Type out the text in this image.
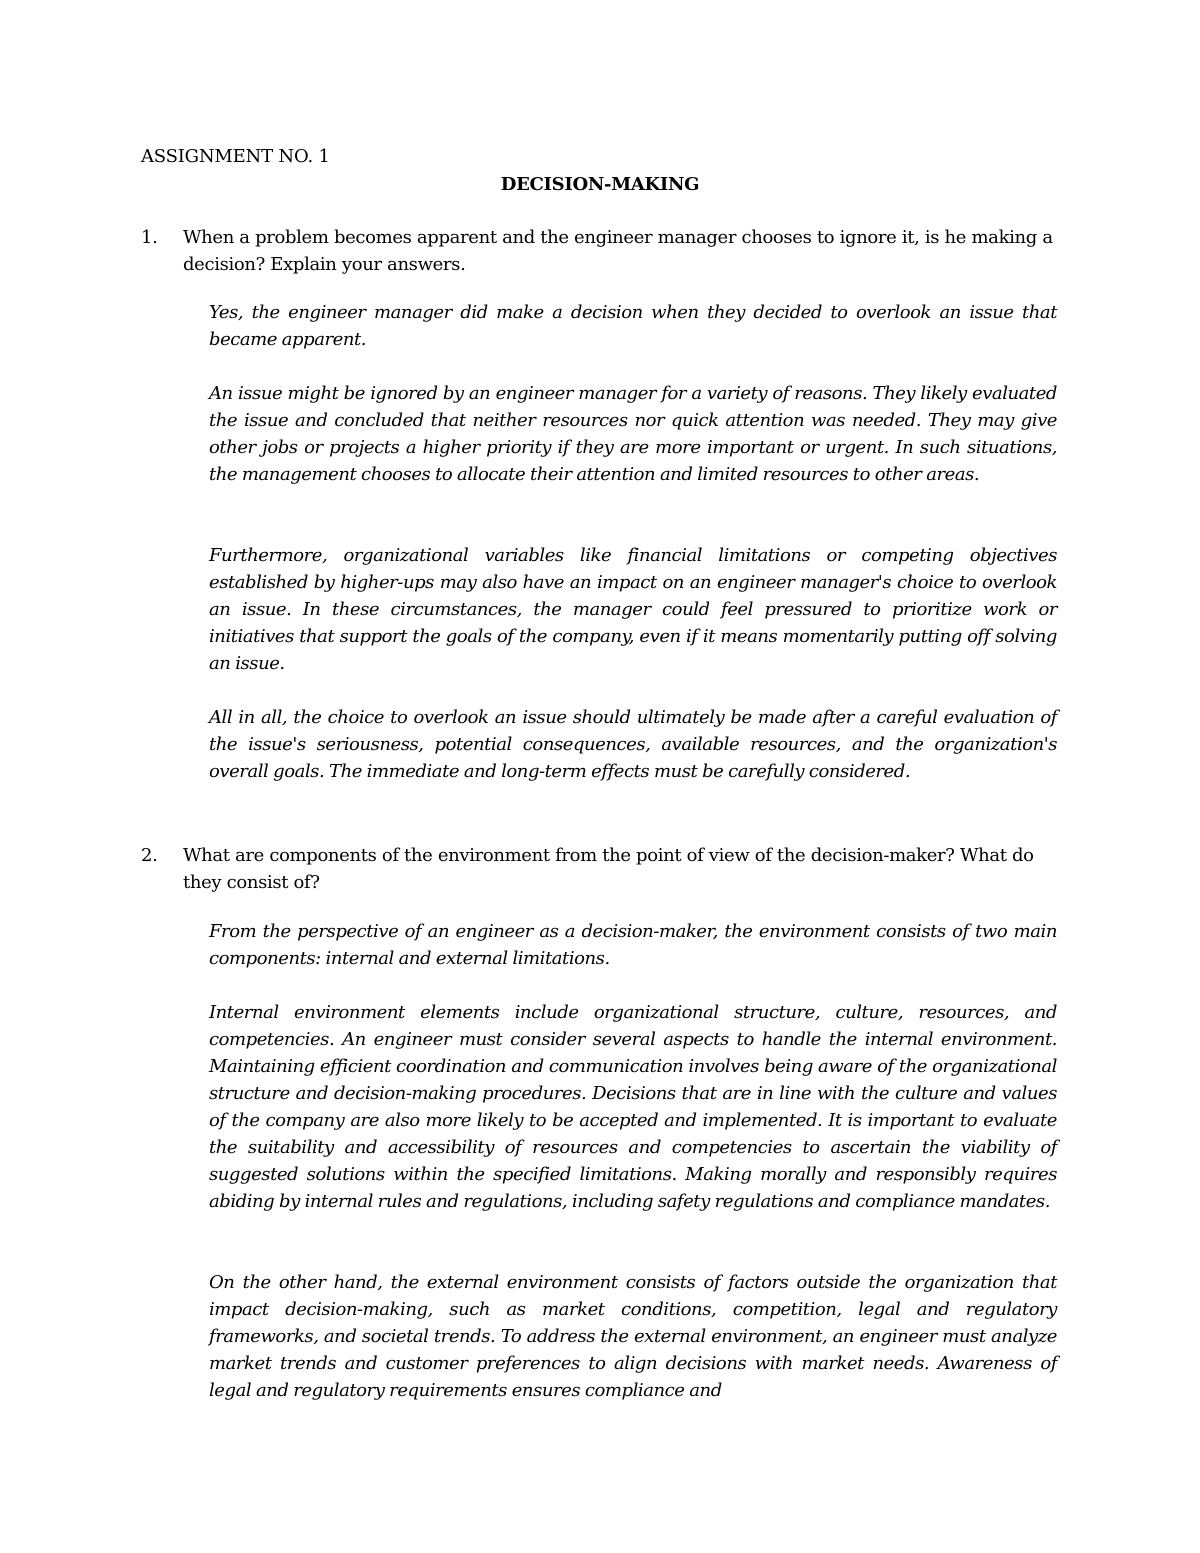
ASSIGNMENT NO. 1
DECISION-MAKING
1.	When a problem becomes apparent and the engineer manager chooses to ignore it, is he making a decision? Explain your answers.

Yes, the engineer manager did make a decision when they decided to overlook an issue that became apparent.

An issue might be ignored by an engineer manager for a variety of reasons. They likely evaluated the issue and concluded that neither resources nor quick attention was needed. They may give other jobs or projects a higher priority if they are more important or urgent. In such situations, the management chooses to allocate their attention and limited resources to other areas.

Furthermore, organizational variables like financial limitations or competing objectives established by higher-ups may also have an impact on an engineer manager's choice to overlook an issue. In these circumstances, the manager could feel pressured to prioritize work or initiatives that support the goals of the company, even if it means momentarily putting off solving an issue.

All in all, the choice to overlook an issue should ultimately be made after a careful evaluation of the issue's seriousness, potential consequences, available resources, and the organization's overall goals. The immediate and long-term effects must be carefully considered.

2.	What are components of the environment from the point of view of the decision-maker? What do they consist of?

From the perspective of an engineer as a decision-maker, the environment consists of two main components: internal and external limitations.

Internal environment elements include organizational structure, culture, resources, and competencies. An engineer must consider several aspects to handle the internal environment. Maintaining efficient coordination and communication involves being aware of the organizational structure and decision-making procedures. Decisions that are in line with the culture and values of the company are also more likely to be accepted and implemented. It is important to evaluate the suitability and accessibility of resources and competencies to ascertain the viability of suggested solutions within the specified limitations. Making morally and responsibly requires abiding by internal rules and regulations, including safety regulations and compliance mandates.

On the other hand, the external environment consists of factors outside the organization that impact decision-making, such as market conditions, competition, legal and regulatory frameworks, and societal trends. To address the external environment, an engineer must analyze market trends and customer preferences to align decisions with market needs. Awareness of legal and regulatory requirements ensures compliance and
